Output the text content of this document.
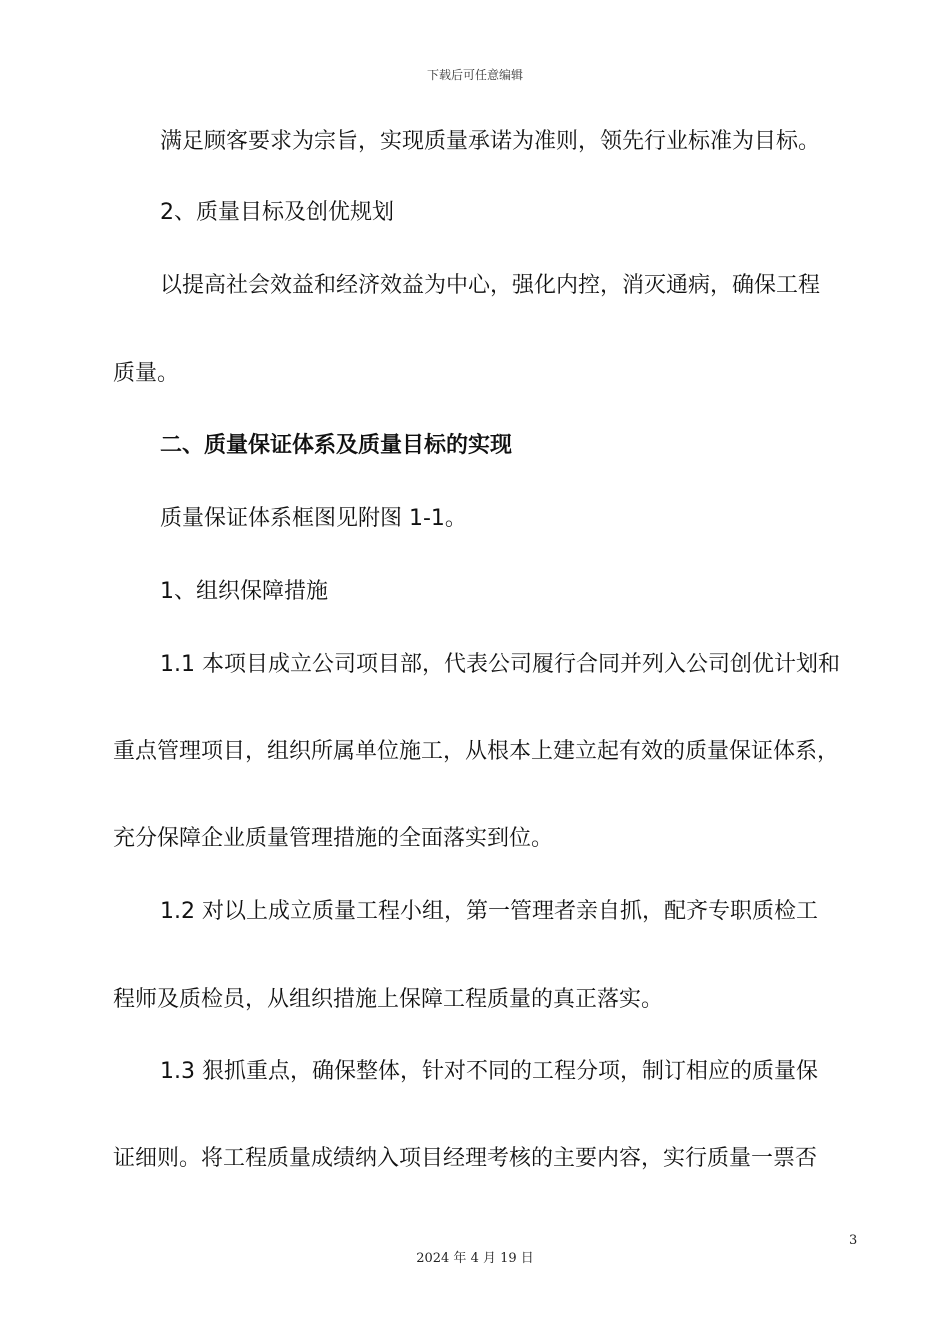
下载后可任意编辑
满足顾客要求为宗旨，实现质量承诺为准则，领先行业标准为目标。
2、质量目标及创优规划
以提高社会效益和经济效益为中心，强化内控，消灭通病，确保工程
质量。
二、质量保证体系及质量目标的实现
质量保证体系框图见附图 1-1。
1、组织保障措施
1.1 本项目成立公司项目部，代表公司履行合同并列入公司创优计划和
重点管理项目，组织所属单位施工，从根本上建立起有效的质量保证体系，
充分保障企业质量管理措施的全面落实到位。
1.2 对以上成立质量工程小组，第一管理者亲自抓，配齐专职质检工
程师及质检员，从组织措施上保障工程质量的真正落实。
1.3 狠抓重点，确保整体，针对不同的工程分项，制订相应的质量保
证细则。将工程质量成绩纳入项目经理考核的主要内容，实行质量一票否
3
2024 年 4 月 19 日
